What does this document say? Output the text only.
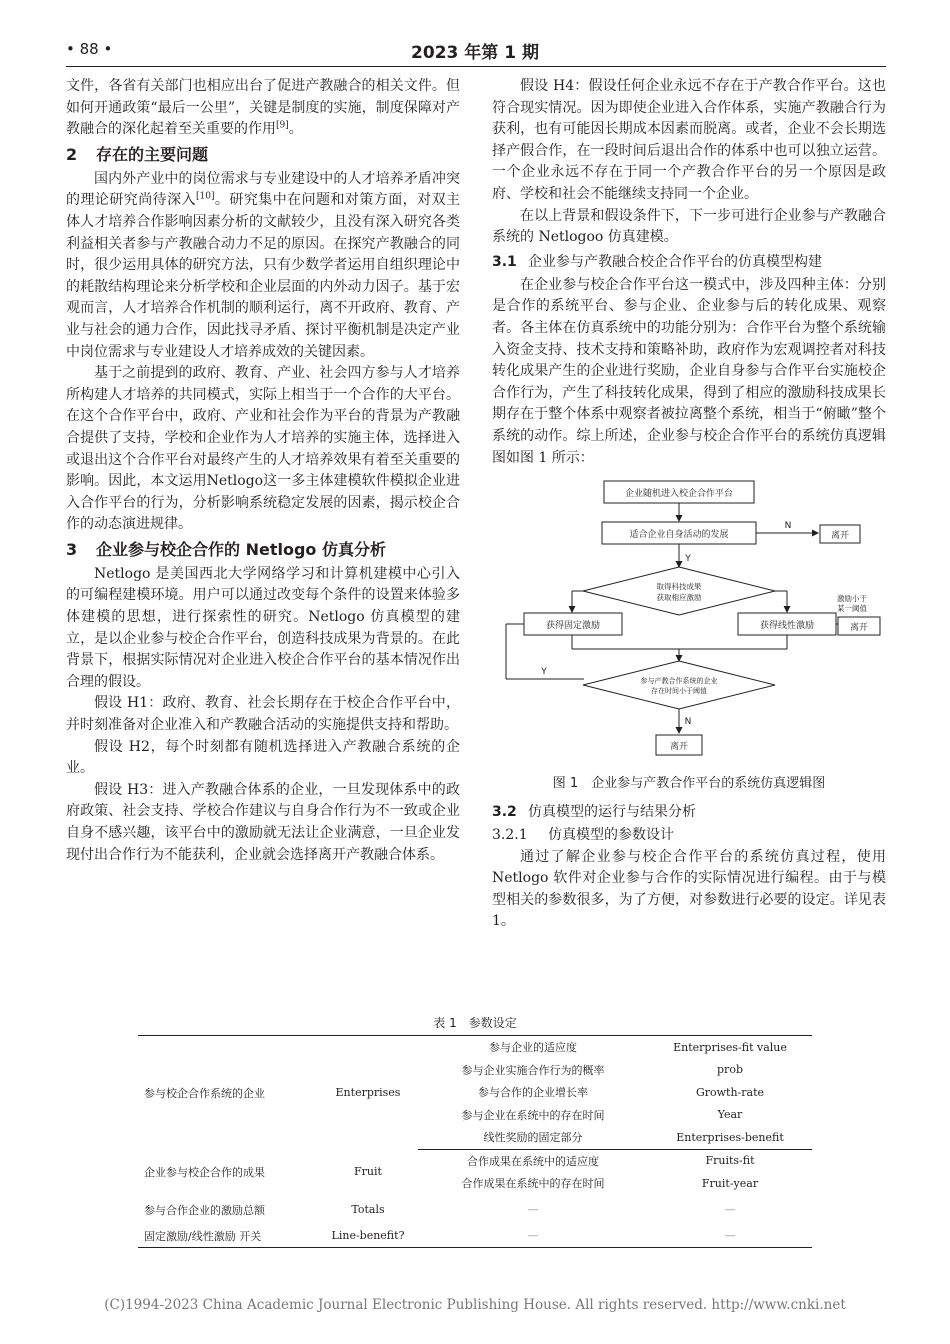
• 88 •	2023 年第 1 期

文件，各省有关部门也相应出台了促进产教融合的相关文件。但如何开通政策“最后一公里”，关键是制度的实施，制度保障对产教融合的深化起着至关重要的作用[9]。

2 存在的主要问题

国内外产业中的岗位需求与专业建设中的人才培养矛盾冲突的理论研究尚待深入[10]。研究集中在问题和对策方面，对双主体人才培养合作影响因素分析的文献较少，且没有深入研究各类利益相关者参与产教融合动力不足的原因。在探究产教融合的同时，很少运用具体的研究方法，只有少数学者运用自组织理论中的耗散结构理论来分析学校和企业层面的内外动力因子。基于宏观而言，人才培养合作机制的顺利运行，离不开政府、教育、产业与社会的通力合作，因此找寻矛盾、探讨平衡机制是决定产业中岗位需求与专业建设人才培养成效的关键因素。

基于之前提到的政府、教育、产业、社会四方参与人才培养所构建人才培养的共同模式，实际上相当于一个合作的大平台。在这个合作平台中，政府、产业和社会作为平台的背景为产教融合提供了支持，学校和企业作为人才培养的实施主体，选择进入或退出这个合作平台对最终产生的人才培养效果有着至关重要的影响。因此，本文运用Netlogo这一多主体建模软件模拟企业进入合作平台的行为，分析影响系统稳定发展的因素，揭示校企合作的动态演进规律。

3 企业参与校企合作的 Netlogo 仿真分析

Netlogo 是美国西北大学网络学习和计算机建模中心引入的可编程建模环境。用户可以通过改变每个条件的设置来体验多体建模的思想，进行探索性的研究。Netlogo 仿真模型的建立，是以企业参与校企合作平台，创造科技成果为背景的。在此背景下，根据实际情况对企业进入校企合作平台的基本情况作出合理的假设。

假设 H1：政府、教育、社会长期存在于校企合作平台中，并时刻准备对企业准入和产教融合活动的实施提供支持和帮助。

假设 H2，每个时刻都有随机选择进入产教融合系统的企业。

假设 H3：进入产教融合体系的企业，一旦发现体系中的政府政策、社会支持、学校合作建议与自身合作行为不一致或企业自身不感兴趣，该平台中的激励就无法让企业满意，一旦企业发现付出合作行为不能获利，企业就会选择离开产教融合体系。

假设 H4：假设任何企业永远不存在于产教合作平台。这也符合现实情况。因为即使企业进入合作体系，实施产教融合行为获利，也有可能因长期成本因素而脱离。或者，企业不会长期选择产假合作，在一段时间后退出合作的体系中也可以独立运营。一个企业永远不存在于同一个产教合作平台的另一个原因是政府、学校和社会不能继续支持同一个企业。

在以上背景和假设条件下，下一步可进行企业参与产教融合系统的 Netlogoo 仿真建模。

3.1 企业参与产教融合校企合作平台的仿真模型构建

在企业参与校企合作平台这一模式中，涉及四种主体：分别是合作的系统平台、参与企业、企业参与后的转化成果、观察者。各主体在仿真系统中的功能分别为：合作平台为整个系统输入资金支持、技术支持和策略补助，政府作为宏观调控者对科技转化成果产生的企业进行奖励，企业自身参与合作平台实施校企合作行为，产生了科技转化成果，得到了相应的激励科技成果长期存在于整个体系中观察者被拉离整个系统，相当于“俯瞰”整个系统的动作。综上所述，企业参与校企合作平台的系统仿真逻辑图如图 1 所示：

企业随机进入校企合作平台
适合企业自身活动的发展
N
离开
Y
取得科技成果
获取相应激励
获得固定激励	获得线性激励
激励小于
某一阈值
离开
参与产教合作系统的企业
存在时间小于阈值
Y
N
离开
图 1　企业参与产教合作平台的系统仿真逻辑图
3.2 仿真模型的运行与结果分析
3.2.1 仿真模型的参数设计

通过了解企业参与校企合作平台的系统仿真过程，使用 Netlogo 软件对企业参与合作的实际情况进行编程。由于与模型相关的参数很多，为了方便，对参数进行必要的设定。详见表 1。

表 1　参数设定
参与校企合作系统的企业	Enterprises	参与企业的适应度	Enterprises-fit value
		参与企业实施合作行为的概率	prob
		参与合作的企业增长率	Growth-rate
		参与企业在系统中的存在时间	Year
		线性奖励的固定部分	Enterprises-benefit
企业参与校企合作的成果	Fruit	合作成果在系统中的适应度	Fruits-fit
		合作成果在系统中的存在时间	Fruit-year
参与合作企业的激励总额	Totals	—	—
固定激励/线性激励 开关	Line-benefit?	—	—
(C)1994-2023 China Academic Journal Electronic Publishing House. All rights reserved. http://www.cnki.net
